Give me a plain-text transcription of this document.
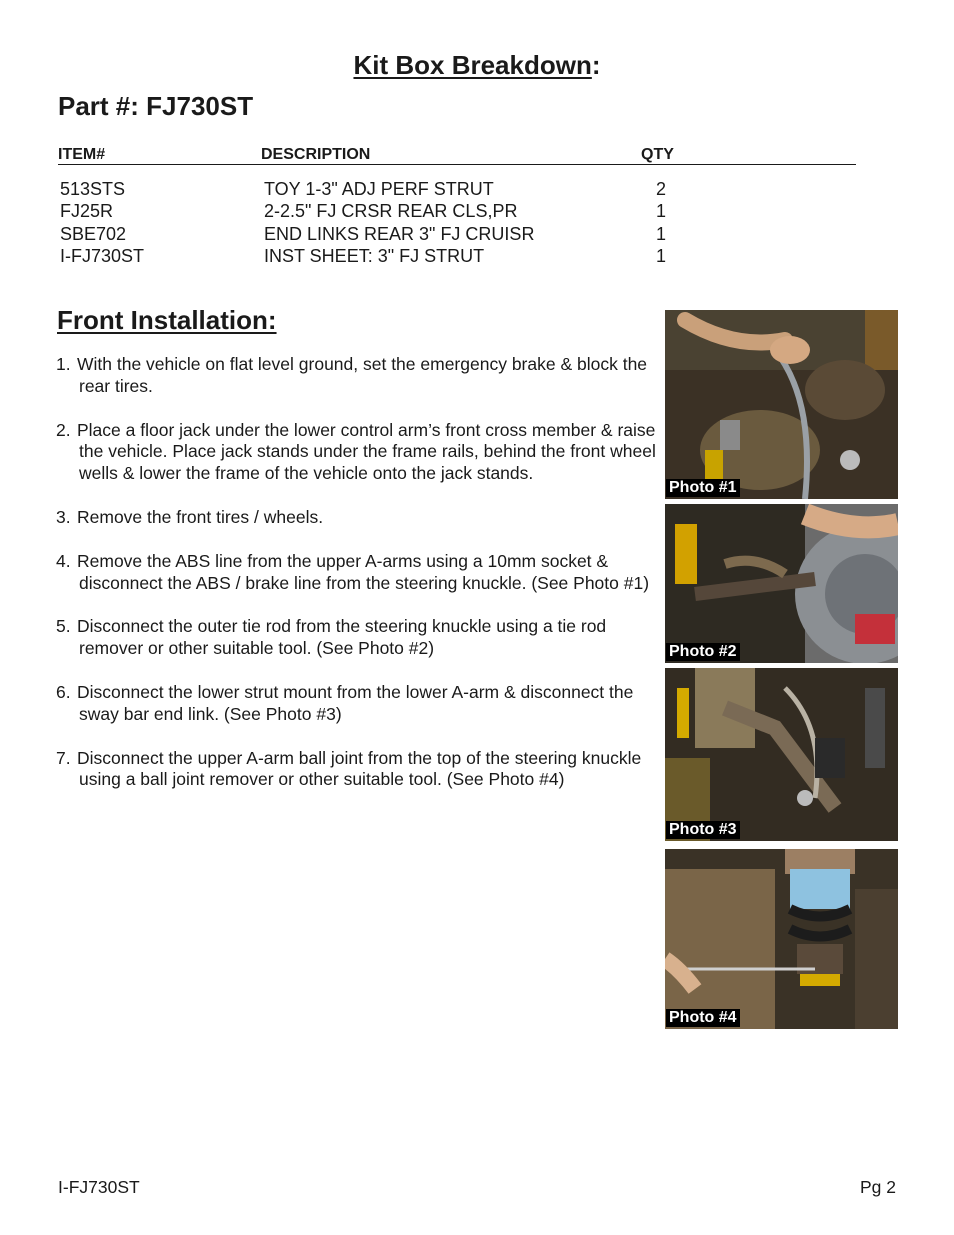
Kit Box Breakdown:
Part #: FJ730ST
ITEM#	DESCRIPTION	QTY
513STS	TOY 1-3" ADJ PERF STRUT	2
FJ25R	2-2.5" FJ CRSR REAR CLS,PR	1
SBE702	END LINKS REAR 3" FJ CRUISR	1
I-FJ730ST	INST SHEET: 3" FJ STRUT	1
Front Installation:
1. With the vehicle on flat level ground, set the emergency brake & block the rear tires.
2. Place a floor jack under the lower control arm’s front cross member & raise the vehicle. Place jack stands under the frame rails, behind the front wheel wells & lower the frame of the vehicle onto the jack stands.
3. Remove the front tires / wheels.
4. Remove the ABS line from the upper A-arms using a 10mm socket & disconnect the ABS / brake line from the steering knuckle. (See Photo #1)
5. Disconnect the outer tie rod from the steering knuckle using a tie rod remover or other suitable tool. (See Photo #2)
6. Disconnect the lower strut mount from the lower A-arm & disconnect the sway bar end link. (See Photo #3)
7. Disconnect the upper A-arm ball joint from the top of the steering knuckle using a ball joint remover or other suitable tool. (See Photo #4)
Photo #1
Photo #2
Photo #3
Photo #4
I-FJ730ST	Pg 2
